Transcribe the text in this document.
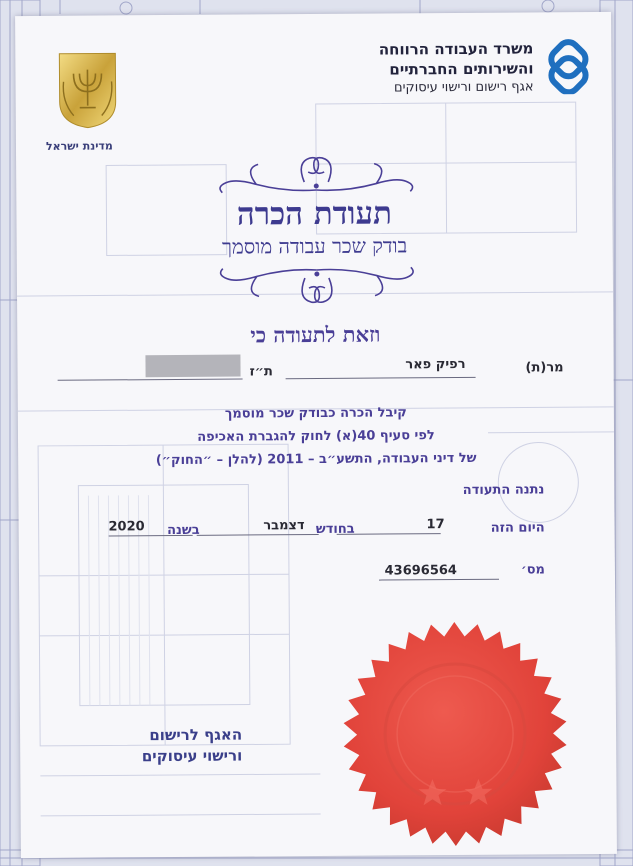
מדינת ישראל
משרד העבודה הרווחה
והשירותים החברתיים
אגף רישום ורישוי עיסוקים
תעודת הכרה
בודק שכר עבודה מוסמך
וזאת לתעודה כי
מר(ת)
רפיק פאר
ת״ז
קיבל הכרה כבודק שכר מוסמך
לפי סעיף 40(א) לחוק להגברת האכיפה
של דיני העבודה, התשע״ב – 2011 (להלן – ״החוק״)
נתנה התעודה
היום הזה
17
בחודש
דצמבר
בשנה
2020
מס׳
43696564
האגף לרישום
ורישוי עיסוקים
